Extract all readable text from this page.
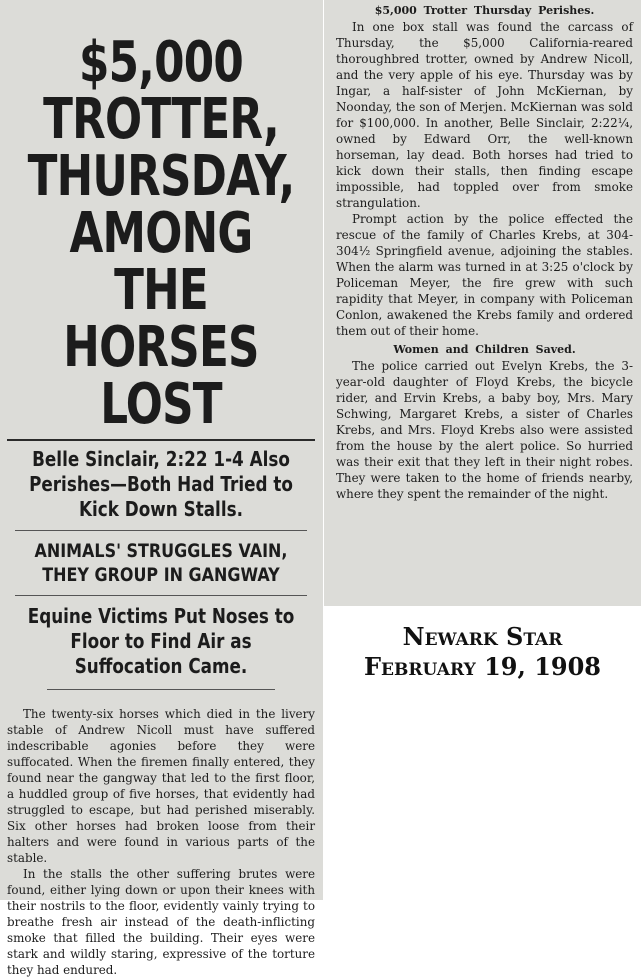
$5,000 TROTTER,
THURSDAY, AMONG
THE HORSES LOST
Belle Sinclair, 2:22 1-4 Also
Perishes—Both Had Tried to
Kick Down Stalls.
ANIMALS' STRUGGLES VAIN,
THEY GROUP IN GANGWAY
Equine Victims Put Noses to
Floor to Find Air as
Suffocation Came.

The twenty-six horses which died in the livery stable of Andrew Nicoll must have suffered indescribable agonies before they were suffocated. When the firemen finally entered, they found near the gangway that led to the first floor, a huddled group of five horses, that evidently had struggled to escape, but had perished miserably. Six other horses had broken loose from their halters and were found in various parts of the stable.

In the stalls the other suffering brutes were found, either lying down or upon their knees with their nostrils to the floor, evidently vainly trying to breathe fresh air instead of the death-inflicting smoke that filled the building. Their eyes were stark and wildly staring, expressive of the torture they had endured.

$5,000 Trotter Thursday Perishes.

In one box stall was found the carcass of Thursday, the $5,000 California-reared thoroughbred trotter, owned by Andrew Nicoll, and the very apple of his eye. Thursday was by Ingar, a half-sister of John McKiernan, by Noonday, the son of Merjen. McKiernan was sold for $100,000. In another, Belle Sinclair, 2:22¼, owned by Edward Orr, the well-known horseman, lay dead. Both horses had tried to kick down their stalls, then finding escape impossible, had toppled over from smoke strangulation.

Prompt action by the police effected the rescue of the family of Charles Krebs, at 304-304½ Springfield avenue, adjoining the stables. When the alarm was turned in at 3:25 o'clock by Policeman Meyer, the fire grew with such rapidity that Meyer, in company with Policeman Conlon, awakened the Krebs family and ordered them out of their home.

Women and Children Saved.

The police carried out Evelyn Krebs, the 3-year-old daughter of Floyd Krebs, the bicycle rider, and Ervin Krebs, a baby boy, Mrs. Mary Schwing, Margaret Krebs, a sister of Charles Krebs, and Mrs. Floyd Krebs also were assisted from the house by the alert police. So hurried was their exit that they left in their night robes. They were taken to the home of friends nearby, where they spent the remainder of the night.

Newark Star
February 19, 1908
